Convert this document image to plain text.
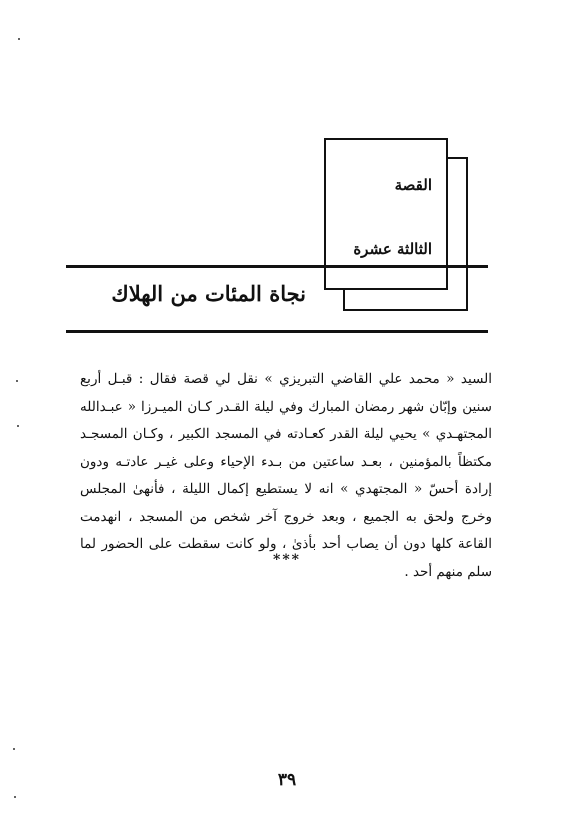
القصة
الثالثة عشرة
نجاة المئات من الهلاك

السيد « محمد علي القاضي التبريزي » نقل لي قصة فقال : قبـل أربع سنين وإبّان شهر رمضان المبارك وفي ليلة القـدر كـان الميـرزا « عبـدالله المجتهـدي » يحيي ليلة القدر كعـادته في المسجد الكبير ، وكـان المسجـد مكتظاً بالمؤمنين ، بعـد ساعتين من بـدء الإحياء وعلى غيـر عادتـه ودون إرادة أحسّ « المجتهدي » انه لا يستطيع إكمال الليلة ، فأنهىٰ المجلس وخرج ولحق به الجميع ، وبعد خروج آخر شخص من المسجد ، انهدمت القاعة كلها دون أن يصاب أحد بأذىٰ ، ولو كانت سقطت على الحضور لما سلم منهم أحد .

***
٣٩
